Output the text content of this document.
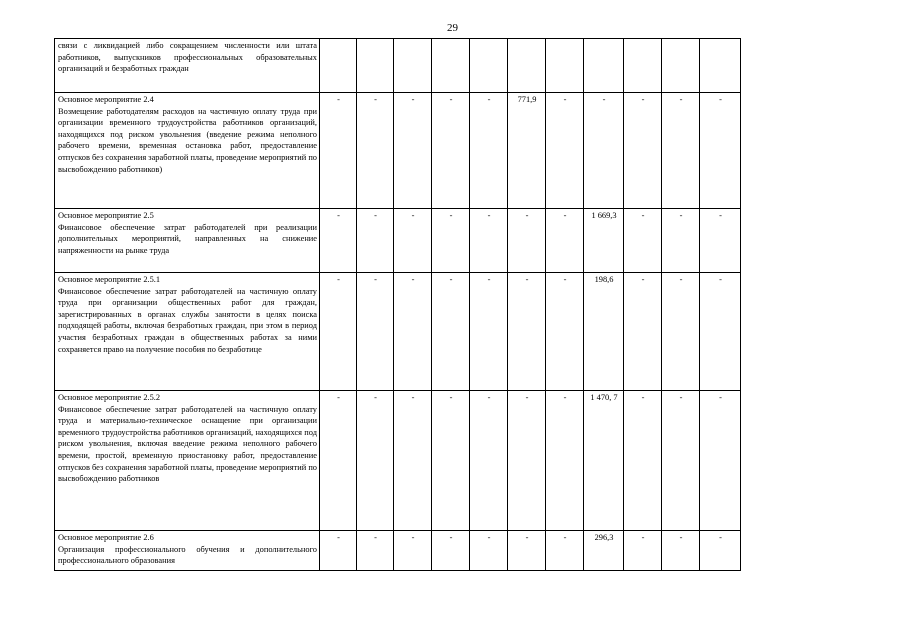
29
связи с ликвидацией либо сокращением численности или штата работников, выпускников профессиональных образовательных организаций и безработных граждан											

Основное мероприятие 2.4
Возмещение работодателям расходов на частичную оплату труда при организации временного трудоустройства работников организаций, находящихся под риском увольнения (введение режима неполного рабочего времени, временная остановка работ, предоставление отпусков без сохранения заработной платы, проведение мероприятий по высвобождению работников)	-	-	-	-	-	771,9	-	-	-	-	-

Основное мероприятие 2.5
Финансовое обеспечение затрат работодателей при реализации дополнительных мероприятий, направленных на снижение напряженности на рынке труда	-	-	-	-	-	-	-	1 669,3	-	-	-

Основное мероприятие 2.5.1
Финансовое обеспечение затрат работодателей на частичную оплату труда при организации общественных работ для граждан, зарегистрированных в органах службы занятости в целях поиска подходящей работы, включая безработных граждан, при этом в период участия безработных граждан в общественных работах за ними сохраняется право на получение пособия по безработице	-	-	-	-	-	-	-	198,6	-	-	-

Основное мероприятие 2.5.2
Финансовое обеспечение затрат работодателей на частичную оплату труда и материально-техническое оснащение при организации временного трудоустройства работников организаций, находящихся под риском увольнения, включая введение режима неполного рабочего времени, простой, временную приостановку работ, предоставление отпусков без сохранения заработной платы, проведение мероприятий по высвобождению работников	-	-	-	-	-	-	-	1 470, 7	-	-	-

Основное мероприятие 2.6
Организация профессионального обучения и дополнительного профессионального образования	-	-	-	-	-	-	-	296,3	-	-	-
